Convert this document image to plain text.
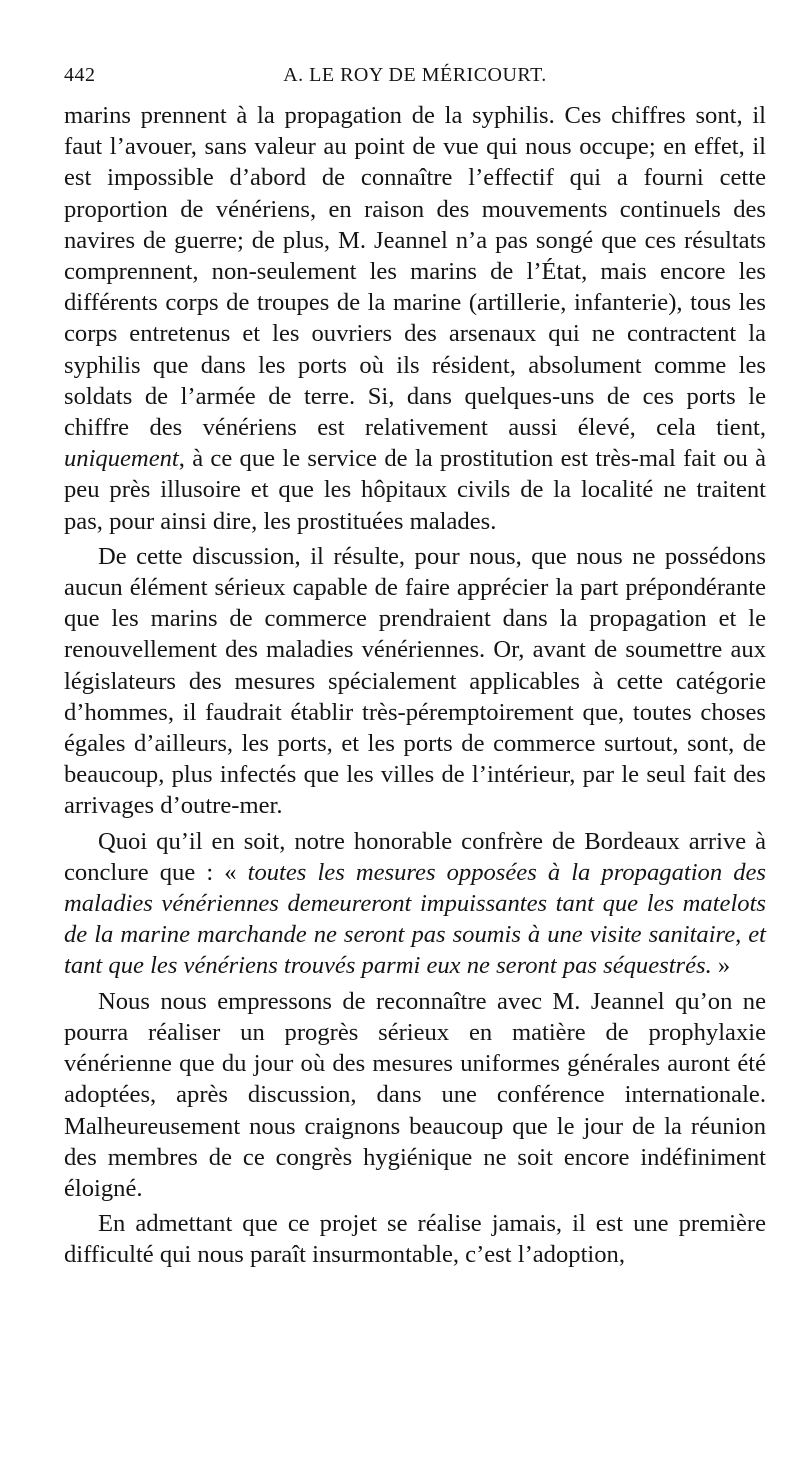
442	A. LE ROY DE MÉRICOURT.

marins prennent à la propagation de la syphilis. Ces chiffres sont, il faut l’avouer, sans valeur au point de vue qui nous occupe; en effet, il est impossible d’abord de connaître l’effectif qui a fourni cette proportion de vénériens, en raison des mouvements continuels des navires de guerre; de plus, M. Jeannel n’a pas songé que ces résultats comprennent, non-seulement les marins de l’État, mais encore les différents corps de troupes de la marine (artillerie, infanterie), tous les corps entretenus et les ouvriers des arsenaux qui ne contractent la syphilis que dans les ports où ils résident, absolument comme les soldats de l’armée de terre. Si, dans quelques-uns de ces ports le chiffre des vénériens est relativement aussi élevé, cela tient, uniquement, à ce que le service de la prostitution est très-mal fait ou à peu près illusoire et que les hôpitaux civils de la localité ne traitent pas, pour ainsi dire, les prostituées malades.

De cette discussion, il résulte, pour nous, que nous ne possédons aucun élément sérieux capable de faire apprécier la part prépondérante que les marins de commerce prendraient dans la propagation et le renouvellement des maladies vénériennes. Or, avant de soumettre aux législateurs des mesures spécialement applicables à cette catégorie d’hommes, il faudrait établir très-péremptoirement que, toutes choses égales d’ailleurs, les ports, et les ports de commerce surtout, sont, de beaucoup, plus infectés que les villes de l’intérieur, par le seul fait des arrivages d’outre-mer.

Quoi qu’il en soit, notre honorable confrère de Bordeaux arrive à conclure que : « toutes les mesures opposées à la propagation des maladies vénériennes demeureront impuissantes tant que les matelots de la marine marchande ne seront pas soumis à une visite sanitaire, et tant que les vénériens trouvés parmi eux ne seront pas séquestrés. »

Nous nous empressons de reconnaître avec M. Jeannel qu’on ne pourra réaliser un progrès sérieux en matière de prophylaxie vénérienne que du jour où des mesures uniformes générales auront été adoptées, après discussion, dans une conférence internationale. Malheureusement nous craignons beaucoup que le jour de la réunion des membres de ce congrès hygiénique ne soit encore indéfiniment éloigné.

En admettant que ce projet se réalise jamais, il est une première difficulté qui nous paraît insurmontable, c’est l’adoption,
